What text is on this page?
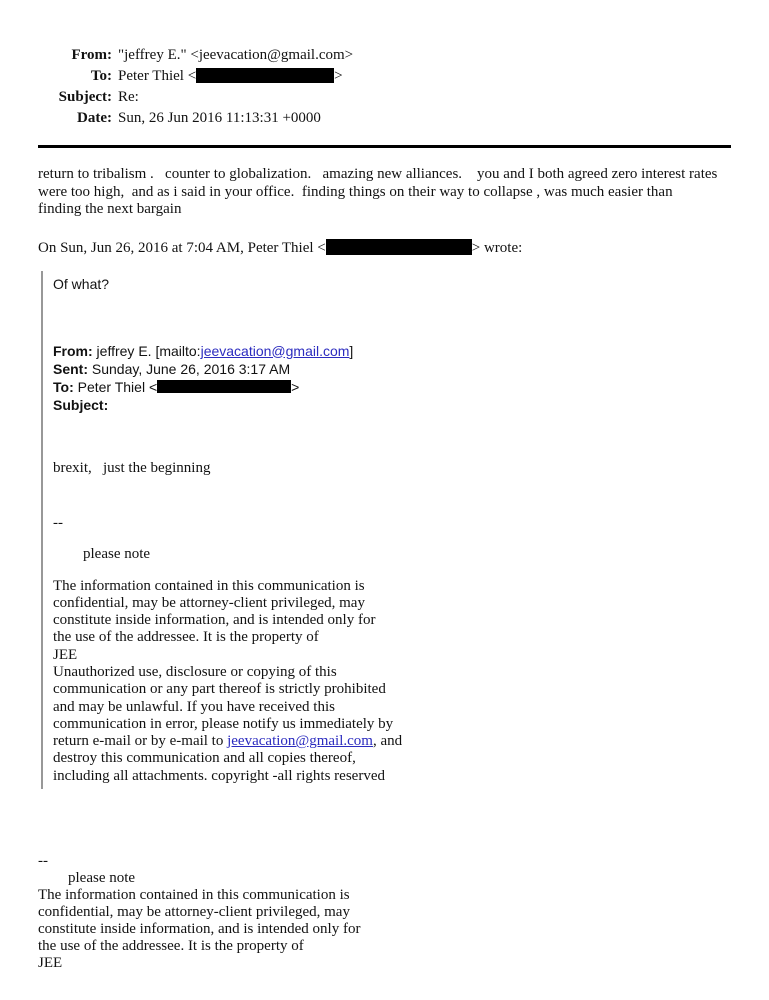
From: "jeffrey E." <jeevacation@gmail.com>
To: Peter Thiel <	>
Subject: Re:
Date: Sun, 26 Jun 2016 11:13:31 +0000
return to tribalism .   counter to globalization.   amazing new alliances.    you and I both agreed zero interest rates
were too high,  and as i said in your office.  finding things on their way to collapse , was much easier than
finding the next bargain
On Sun, Jun 26, 2016 at 7:04 AM, Peter Thiel <	> wrote:
Of what?
From: jeffrey E. [mailto:jeevacation@gmail.com]
Sent: Sunday, June 26, 2016 3:17 AM
To: Peter Thiel <	>
Subject:
brexit,   just the beginning
--
please note
The information contained in this communication is
confidential, may be attorney-client privileged, may
constitute inside information, and is intended only for
the use of the addressee. It is the property of
JEE
Unauthorized use, disclosure or copying of this
communication or any part thereof is strictly prohibited
and may be unlawful. If you have received this
communication in error, please notify us immediately by
return e-mail or by e-mail to jeevacation@gmail.com, and
destroy this communication and all copies thereof,
including all attachments. copyright -all rights reserved
--
please note
The information contained in this communication is
confidential, may be attorney-client privileged, may
constitute inside information, and is intended only for
the use of the addressee. It is the property of
JEE
